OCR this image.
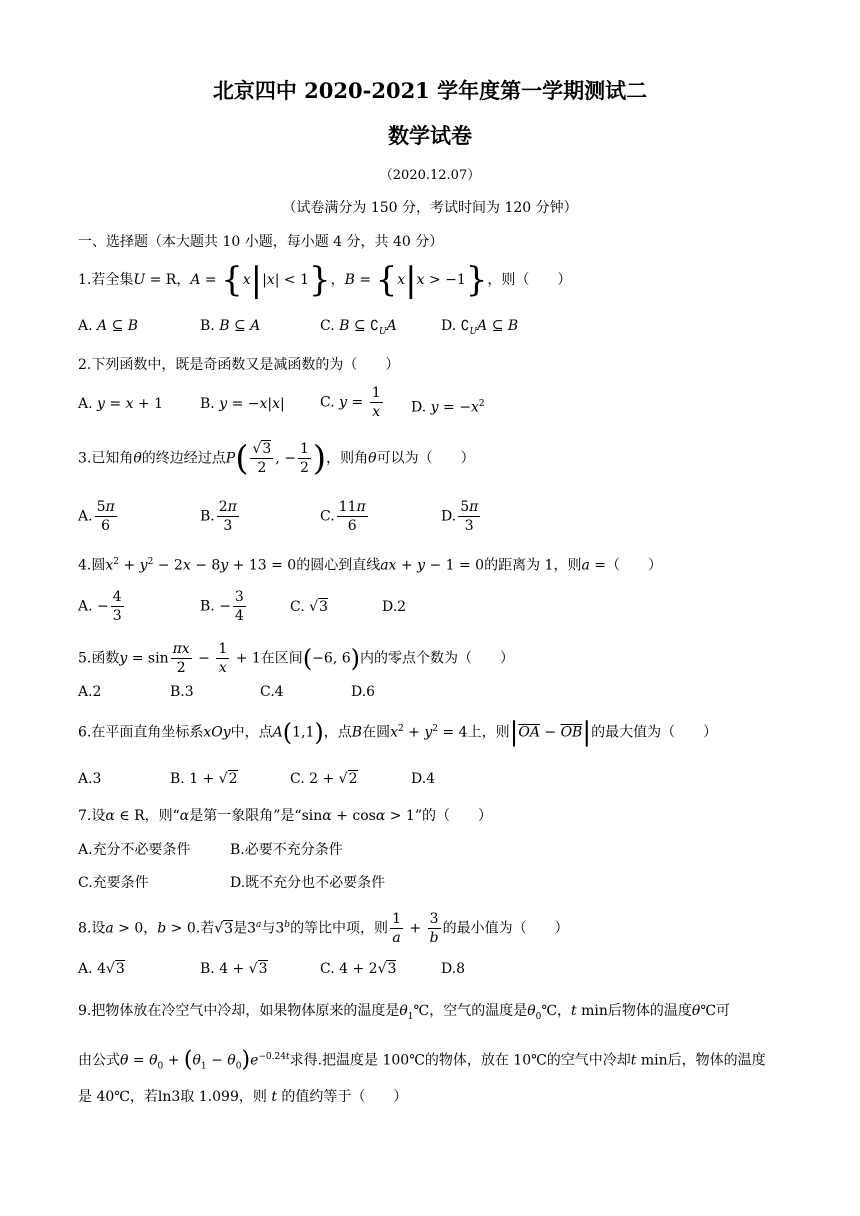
北京四中 2020-2021 学年度第一学期测试二
数学试卷
（2020.12.07）
（试卷满分为 150 分，考试时间为 120 分钟）
一、选择题（本大题共 10 小题，每小题 4 分，共 40 分）
1.若全集U = R，A = {x||x| < 1}，B = {x|x > −1}，则（　　）
A. A ⊆ B	B. B ⊆ A	C. B ⊆ $∁_UA$	D. $∁_UA$ ⊆ B
2.下列函数中，既是奇函数又是减函数的为（　　）
A. y = x + 1	B. y = −x|x|	C. $y = \frac{1}{x} D$. $y = -x^2$
3.已知角θ的终边经过点$P( \frac{√3}{2}$ , − $\frac{1}{2}$ )，则角θ可以为（　　）
A. $\frac{5\pi}{6}$	B. $\frac{2\pi}{3}$	C. $\frac{11\pi}{6}$	D. $\frac{5\pi}{3}$
4.圆$x^2 + y^2 - 2x - 8y + 13 = 0$的圆心到直线ax + y − 1 = 0的距离为 1，则a =（　　）
A. − $\frac{4}{3}$	B. − $\frac{3}{4}$	C. √3	D.2
5.函数$y = \sin \frac{\pi x}{2} - \frac{1}{x} + 1$在区间(−6, 6)内的零点个数为（　　）
A.2	B.3	C.4	D.6
6.在平面直角坐标系xOy中，点A(1,1)，点B在圆$x^2 + y^2 = 4$上，则$|\overline{OA} - \overline{OB}|$的最大值为（　　）
A.3	B. 1 + √2	C. 2 + √2	D.4
7.设α ∈ R，则“α是第一象限角”是“sinα + cosα > 1”的（　　）
A.充分不必要条件	B.必要不充分条件
C.充要条件	D.既不充分也不必要条件
8.设a > 0，b > 0.若√3是3$^a$与3$^b$的等比中项，则 $\frac{1}{a} + \frac{3}{b}$ 的最小值为（　　）
A. 4√3	B. 4 + √3	C. 4 + 2√3	D.8
9.把物体放在冷空气中冷却，如果物体原来的温度是$\theta_1℃$，空气的温度是$\theta_0℃$，t min后物体的温度θ℃可
由公式$\theta = \theta_0 + (\theta_1 - \theta_0)e^{-0.24t}$求得.把温度是 100℃的物体，放在 10℃的空气中冷却t min后，物体的温度
是 40℃，若ln3取 1.099，则 t 的值约等于（　　）
